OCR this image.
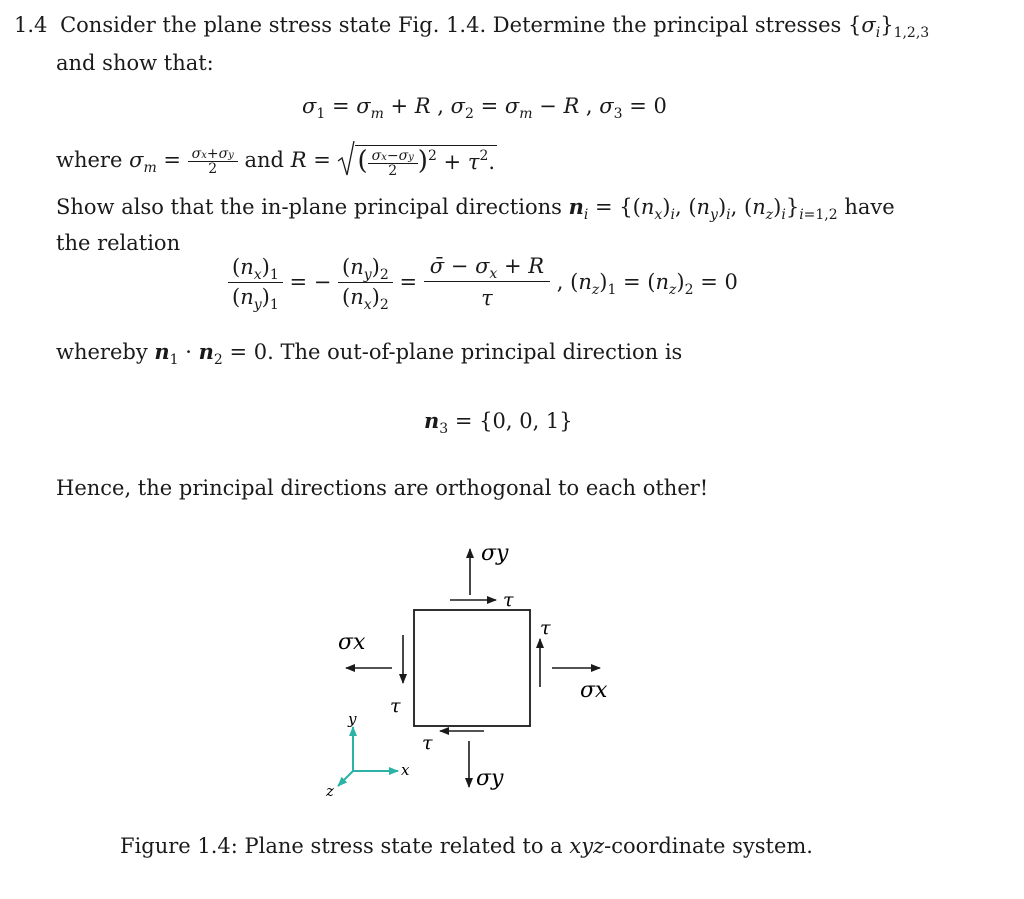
1.4 Consider the plane stress state Fig. 1.4. Determine the principal stresses $\{\sigma_i\}_{1,2,3}$
and show that:
$\sigma_1 = \sigma_m + R$ , $\sigma_2 = \sigma_m - R$ , $\sigma_3 = 0$
where $\sigma_m = \frac{\sigma x+\sigma y}{2}$ and R =
( $\frac{\sigma x-\sigma y}{2} )^2 + \tau^2$.
Show also that the in-plane principal directions $n_i = \{(n_x)_i$, $(n_y)_i$, $(n_z)_i\}_{i=1,2}$ have
the relation
$\frac{(n_x)_1}{(n_y)_1}$ = − $\frac{(n_y)_2}{(n_x)_2} = \frac{\sigmā - \sigma_x + R}{\tau}$ , $(n_z)_1 = (n_z)_2 = 0$
whereby $n_1 \cdot n_2 = 0$. The out-of-plane principal direction is
$n_3 = \{0$, 0, 1}
Hence, the principal directions are orthogonal to each other!
σy
τ
σx
τ
τ
σx
τ
σy
y
x
z
Figure 1.4: Plane stress state related to a xyz-coordinate system.
